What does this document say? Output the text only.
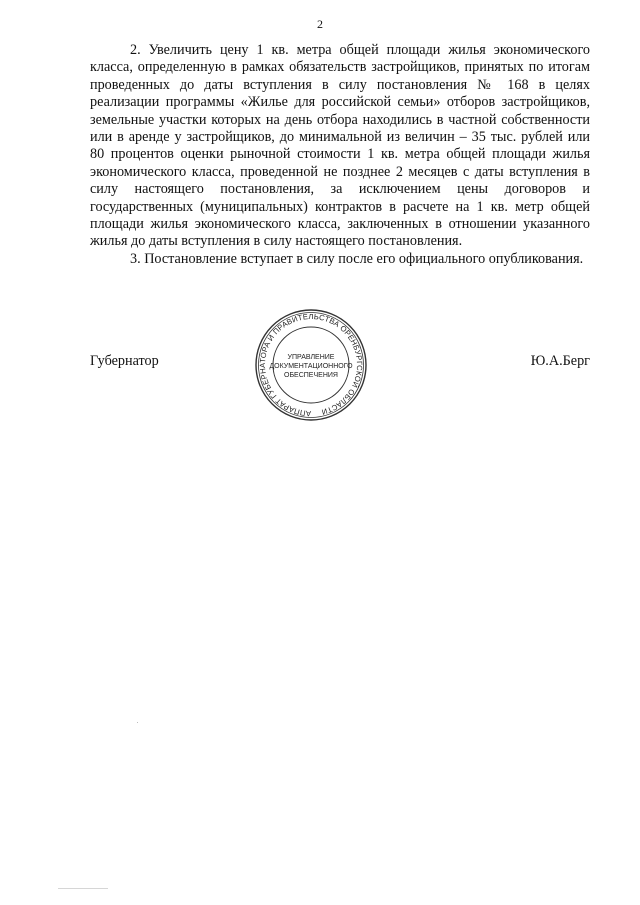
2

2. Увеличить цену 1 кв. метра общей площади жилья экономического класса, определенную в рамках обязательств застройщиков, принятых по итогам проведенных до даты вступления в силу постановления № 168 в целях реализации программы «Жилье для российской семьи» отборов застройщиков, земельные участки которых на день отбора находились в частной собственности или в аренде у застройщиков, до минимальной из величин – 35 тыс. рублей или 80 процентов оценки рыночной стоимости 1 кв. метра общей площади жилья экономического класса, проведенной не позднее 2 месяцев с даты вступления в силу настоящего постановления, за исключением цены договоров и государственных (муниципальных) контрактов в расчете на 1 кв. метр общей площади жилья экономического класса, заключенных в отношении указанного жилья до даты вступления в силу настоящего постановления.

3. Постановление вступает в силу после его официального опубликования.

Губернатор	Ю.А.Берг
АППАРАТ ГУБЕРНАТОРА И ПРАВИТЕЛЬСТВА ОРЕНБУРГСКОЙ ОБЛАСТИ
УПРАВЛЕНИЕ
ДОКУМЕНТАЦИОННОГО
ОБЕСПЕЧЕНИЯ
